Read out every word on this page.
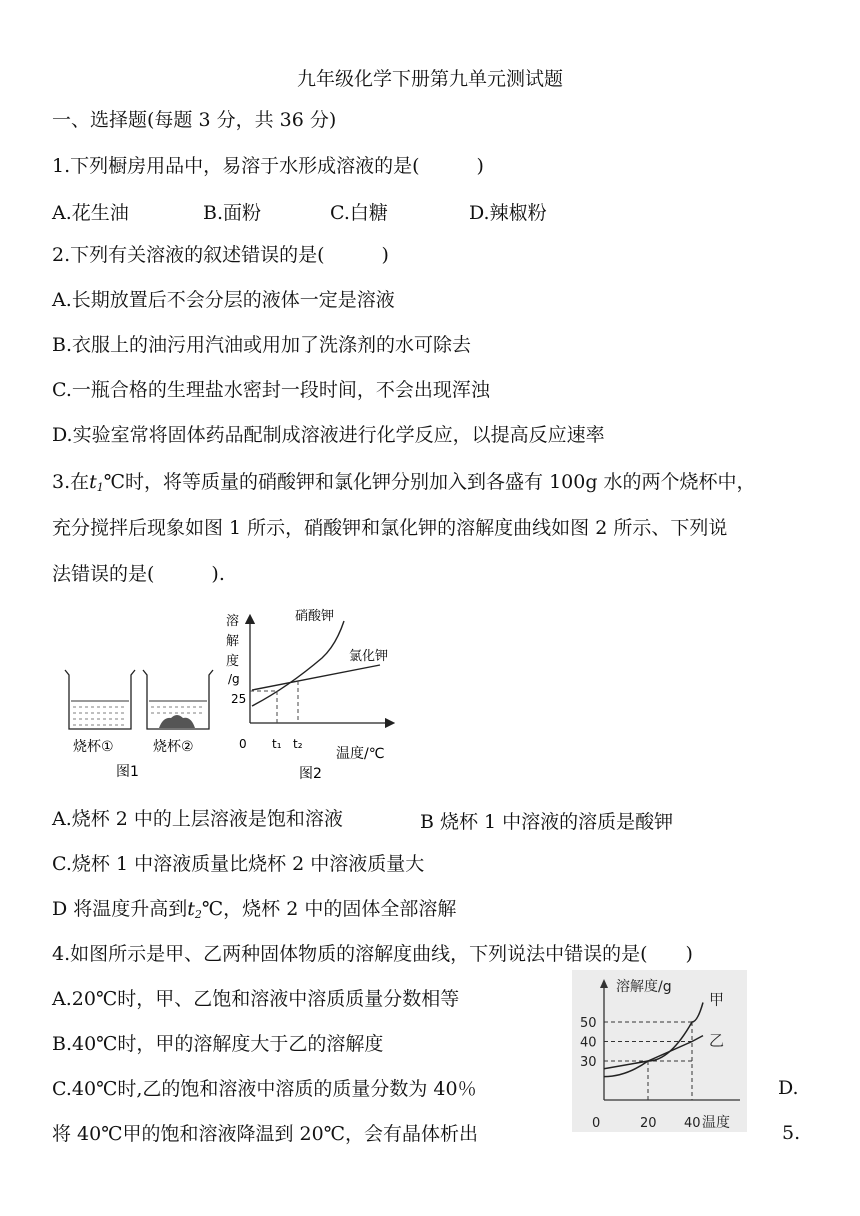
九年级化学下册第九单元测试题
一、选择题(每题 3 分，共 36 分)
1.下列橱房用品中，易溶于水形成溶液的是(　　　)
A.花生油	B.面粉	C.白糖	D.辣椒粉
2.下列有关溶液的叙述错误的是(　　　)
A.长期放置后不会分层的液体一定是溶液
B.衣服上的油污用汽油或用加了洗涤剂的水可除去
C.一瓶合格的生理盐水密封一段时间，不会出现浑浊
D.实验室常将固体药品配制成溶液进行化学反应，以提高反应速率
3.在$t_1℃$时，将等质量的硝酸钾和氯化钾分别加入到各盛有 100g 水的两个烧杯中，
充分搅拌后现象如图 1 所示，硝酸钾和氯化钾的溶解度曲线如图 2 所示、下列说
法错误的是(　　　).
烧杯①	烧杯②
图1
溶
解
度
/g
硝酸钾
氯化钾
25
0 t₁ t₂
温度/℃
图2
A.烧杯 2 中的上层溶液是饱和溶液	B 烧杯 1 中溶液的溶质是酸钾
C.烧杯 1 中溶液质量比烧杯 2 中溶液质量大
D 将温度升高到$t_2℃$，烧杯 2 中的固体全部溶解
4.如图所示是甲、乙两种固体物质的溶解度曲线，下列说法中错误的是(　　)
A.20℃时，甲、乙饱和溶液中溶质质量分数相等
B.40℃时，甲的溶解度大于乙的溶解度
C.40℃时,乙的饱和溶液中溶质的质量分数为 40％	D.
将 40℃甲的饱和溶液降温到 20℃，会有晶体析出	5.
溶解度/g
温度
30
40
50
0	20 40
甲
乙
